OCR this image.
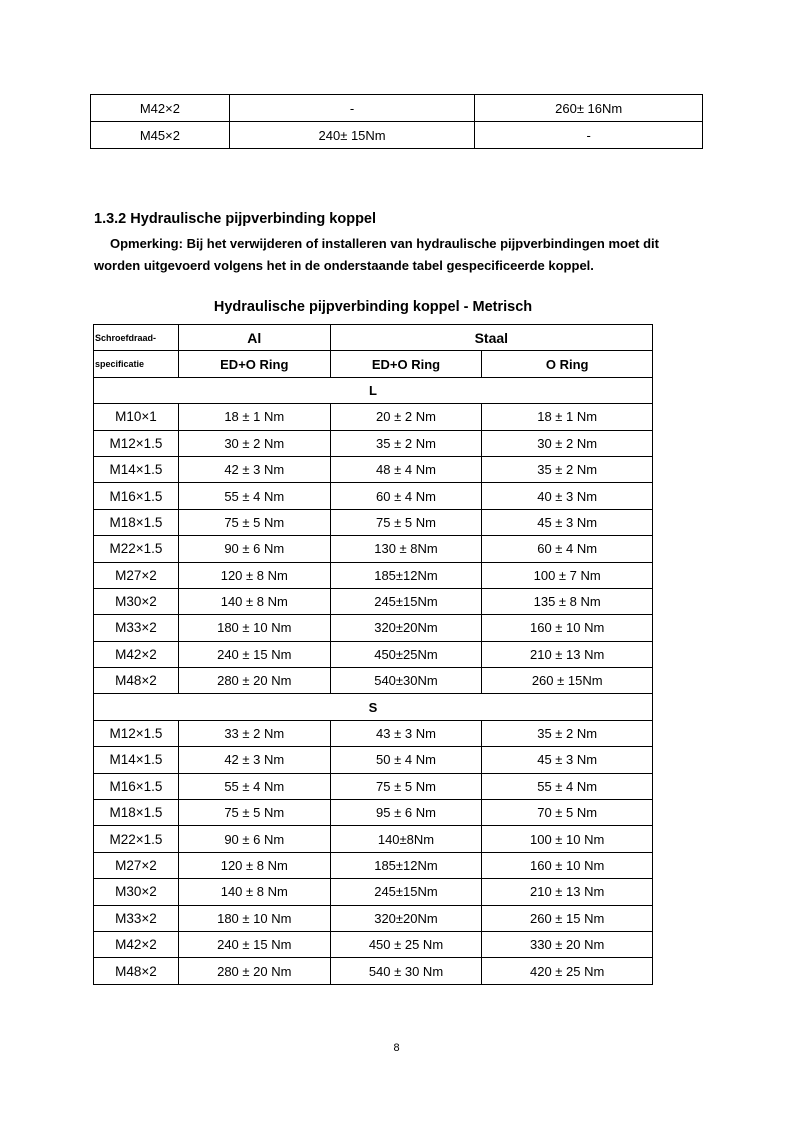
M42×2	-	260± 16Nm
M45×2	240± 15Nm	-
1.3.2 Hydraulische pijpverbinding koppel
Opmerking: Bij het verwijderen of installeren van hydraulische pijpverbindingen moet dit
worden uitgevoerd volgens het in de onderstaande tabel gespecificeerde koppel.
Hydraulische pijpverbinding koppel - Metrisch
Schroefdraad-	Al	Staal	
specificatie	ED+O Ring	ED+O Ring	O Ring
L			
M10×1	18 ± 1 Nm	20 ± 2 Nm	18 ± 1 Nm
M12×1.5	30 ± 2 Nm	35 ± 2 Nm	30 ± 2 Nm
M14×1.5	42 ± 3 Nm	48 ± 4 Nm	35 ± 2 Nm
M16×1.5	55 ± 4 Nm	60 ± 4 Nm	40 ± 3 Nm
M18×1.5	75 ± 5 Nm	75 ± 5 Nm	45 ± 3 Nm
M22×1.5	90 ± 6 Nm	130 ± 8Nm	60 ± 4 Nm
M27×2	120 ± 8 Nm	185±12Nm	100 ± 7 Nm
M30×2	140 ± 8 Nm	245±15Nm	135 ± 8 Nm
M33×2	180 ± 10 Nm	320±20Nm	160 ± 10 Nm
M42×2	240 ± 15 Nm	450±25Nm	210 ± 13 Nm
M48×2	280 ± 20 Nm	540±30Nm	260 ± 15Nm
S			
M12×1.5	33 ± 2 Nm	43 ± 3 Nm	35 ± 2 Nm
M14×1.5	42 ± 3 Nm	50 ± 4 Nm	45 ± 3 Nm
M16×1.5	55 ± 4 Nm	75 ± 5 Nm	55 ± 4 Nm
M18×1.5	75 ± 5 Nm	95 ± 6 Nm	70 ± 5 Nm
M22×1.5	90 ± 6 Nm	140±8Nm	100 ± 10 Nm
M27×2	120 ± 8 Nm	185±12Nm	160 ± 10 Nm
M30×2	140 ± 8 Nm	245±15Nm	210 ± 13 Nm
M33×2	180 ± 10 Nm	320±20Nm	260 ± 15 Nm
M42×2	240 ± 15 Nm	450 ± 25 Nm	330 ± 20 Nm
M48×2	280 ± 20 Nm	540 ± 30 Nm	420 ± 25 Nm
8
